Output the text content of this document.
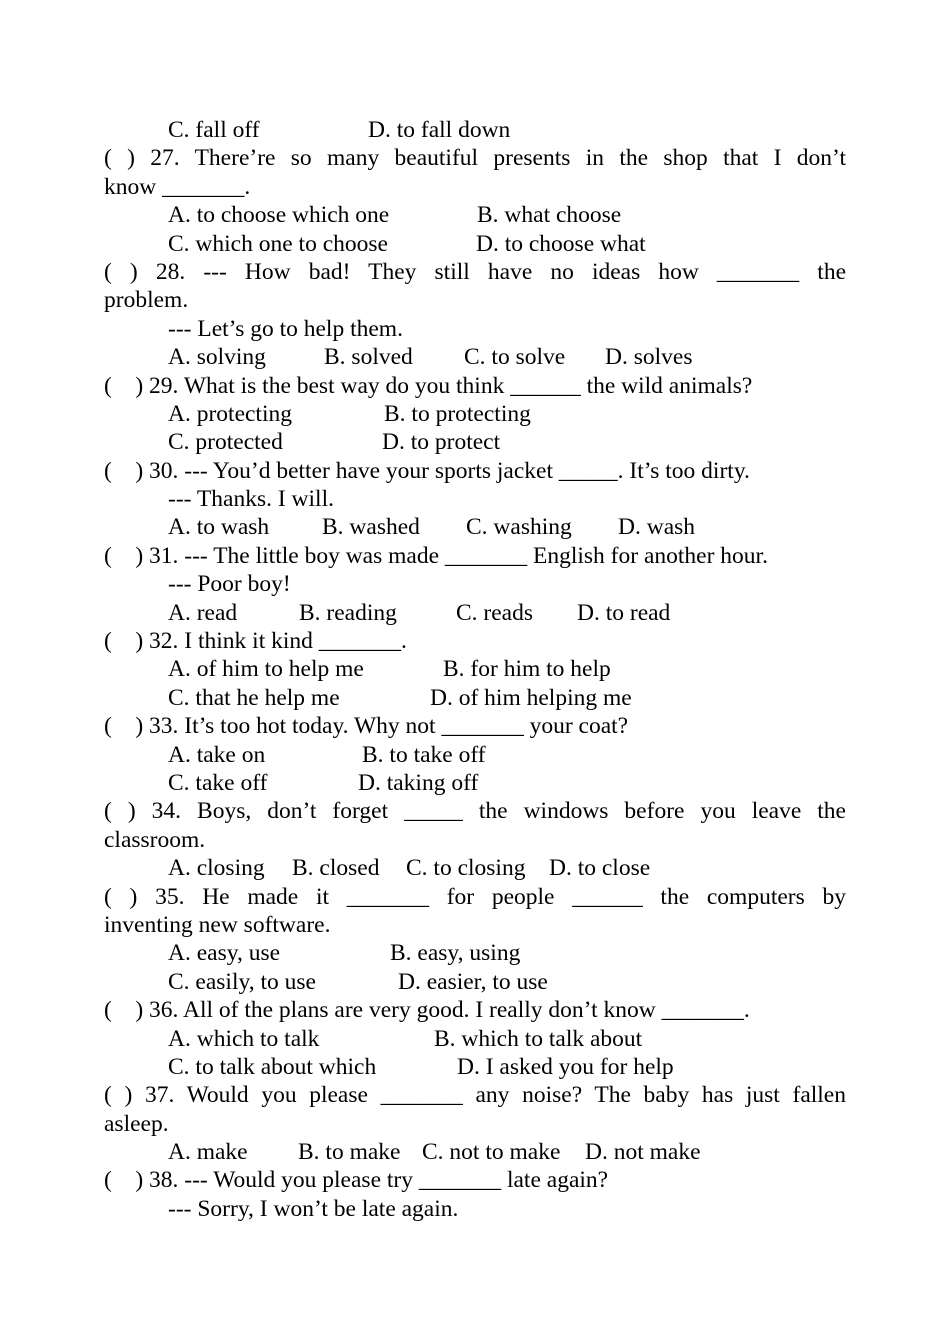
C. fall off	D. to fall down
( ) 27. There’re so many beautiful presents in the shop that I don’t
know _______.
A. to choose which one	B. what choose
C. which one to choose	D. to choose what
( ) 28. --- How bad! They still have no ideas how _______ the
problem.
--- Let’s go to help them.
A. solving B. solved C. to solve D. solves
(    ) 29. What is the best way do you think ______ the wild animals?
A. protecting	B. to protecting
C. protected	D. to protect
(    ) 30. --- You’d better have your sports jacket _____. It’s too dirty.
--- Thanks. I will.
A. to wash B. washed C. washing D. wash
(    ) 31. --- The little boy was made _______ English for another hour.
--- Poor boy!
A. read	B. reading	C. reads D. to read
(    ) 32. I think it kind _______.
A. of him to help me	B. for him to help
C. that he help me	D. of him helping me
(    ) 33. It’s too hot today. Why not _______ your coat?
A. take on	B. to take off
C. take off	D. taking off
( ) 34. Boys, don’t forget _____ the windows before you leave the
classroom.
A. closing B. closed C. to closing D. to close
( ) 35. He made it _______ for people ______ the computers by
inventing new software.
A. easy, use	B. easy, using
C. easily, to use	D. easier, to use
(    ) 36. All of the plans are very good. I really don’t know _______.
A. which to talk	B. which to talk about
C. to talk about which	D. I asked you for help
( ) 37. Would you please _______ any noise? The baby has just fallen
asleep.
A. make B. to make C. not to make D. not make
(    ) 38. --- Would you please try _______ late again?
--- Sorry, I won’t be late again.
